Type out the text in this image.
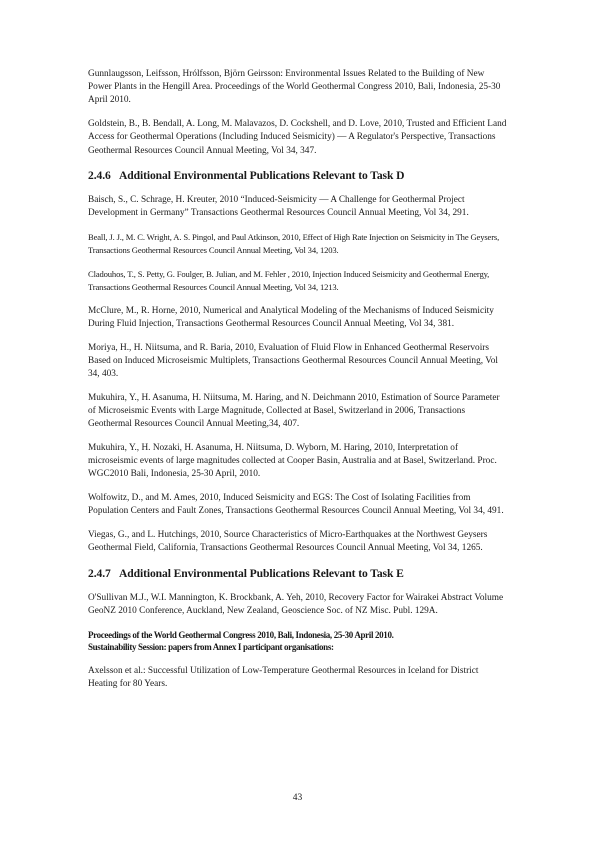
Gunnlaugsson, Leifsson, Hrólfsson, Björn Geirsson: Environmental Issues Related to the Building of New Power Plants in the Hengill Area. Proceedings of the World Geothermal Congress 2010, Bali, Indonesia, 25-30 April 2010.

Goldstein, B., B. Bendall, A. Long, M. Malavazos, D. Cockshell, and D. Love, 2010, Trusted and Efficient Land Access for Geothermal Operations (Including Induced Seismicity) — A Regulator's Perspective, Transactions Geothermal Resources Council Annual Meeting, Vol 34, 347.

2.4.6 Additional Environmental Publications Relevant to Task D

Baisch, S., C. Schrage, H. Kreuter, 2010 “Induced-Seismicity — A Challenge for Geothermal Project Development in Germany” Transactions Geothermal Resources Council Annual Meeting, Vol 34, 291.

Beall, J. J., M. C. Wright, A. S. Pingol, and Paul Atkinson, 2010, Effect of High Rate Injection on Seismicity in The Geysers, Transactions Geothermal Resources Council Annual Meeting, Vol 34, 1203.

Cladouhos, T., S. Petty, G. Foulger, B. Julian, and M. Fehler , 2010, Injection Induced Seismicity and Geothermal Energy, Transactions Geothermal Resources Council Annual Meeting, Vol 34, 1213.

McClure, M., R. Horne, 2010, Numerical and Analytical Modeling of the Mechanisms of Induced Seismicity During Fluid Injection, Transactions Geothermal Resources Council Annual Meeting, Vol 34, 381.

Moriya, H., H. Niitsuma, and R. Baria, 2010, Evaluation of Fluid Flow in Enhanced Geothermal Reservoirs Based on Induced Microseismic Multiplets, Transactions Geothermal Resources Council Annual Meeting, Vol 34, 403.

Mukuhira, Y., H. Asanuma, H. Niitsuma, M. Haring, and N. Deichmann 2010, Estimation of Source Parameter of Microseismic Events with Large Magnitude, Collected at Basel, Switzerland in 2006, Transactions Geothermal Resources Council Annual Meeting,34, 407.

Mukuhira, Y., H. Nozaki, H. Asanuma, H. Niitsuma, D. Wyborn, M. Haring, 2010, Interpretation of microseismic events of large magnitudes collected at Cooper Basin, Australia and at Basel, Switzerland. Proc. WGC2010 Bali, Indonesia, 25-30 April, 2010.

Wolfowitz, D., and M. Ames, 2010, Induced Seismicity and EGS: The Cost of Isolating Facilities from Population Centers and Fault Zones, Transactions Geothermal Resources Council Annual Meeting, Vol 34, 491.

Viegas, G., and L. Hutchings, 2010, Source Characteristics of Micro-Earthquakes at the Northwest Geysers Geothermal Field, California, Transactions Geothermal Resources Council Annual Meeting, Vol 34, 1265.

2.4.7 Additional Environmental Publications Relevant to Task E

O'Sullivan M.J., W.I. Mannington, K. Brockbank, A. Yeh, 2010, Recovery Factor for Wairakei Abstract Volume GeoNZ 2010 Conference, Auckland, New Zealand, Geoscience Soc. of NZ Misc. Publ. 129A.

Proceedings of the World Geothermal Congress 2010, Bali, Indonesia, 25-30 April 2010.
Sustainability Session: papers from Annex I participant organisations:

Axelsson et al.: Successful Utilization of Low-Temperature Geothermal Resources in Iceland for District Heating for 80 Years.

43
